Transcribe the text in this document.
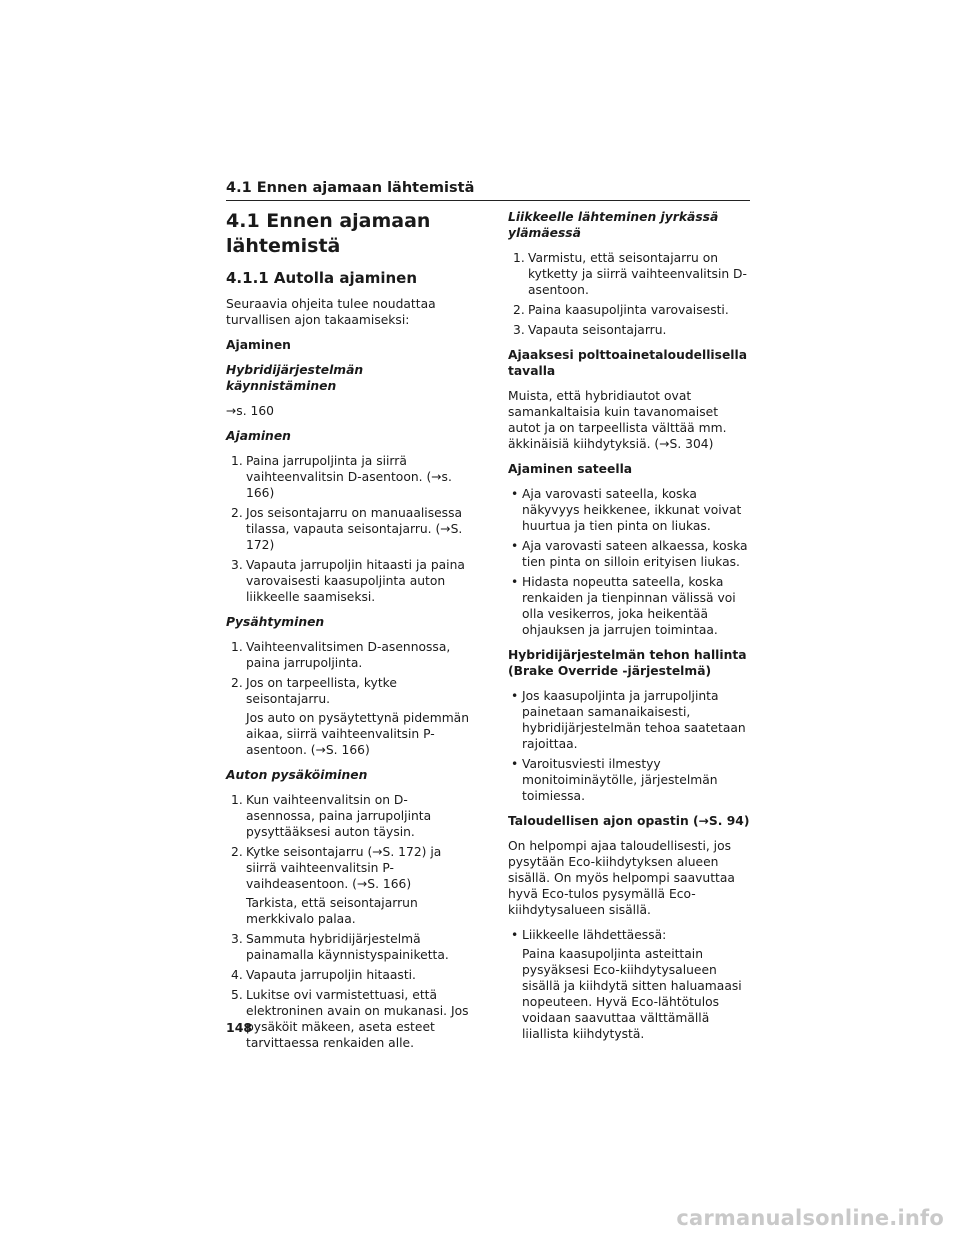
4.1 Ennen ajamaan lähtemistä
4.1 Ennen ajamaan
lähtemistä
4.1.1 Autolla ajaminen

Seuraavia ohjeita tulee noudattaa turvallisen ajon takaamiseksi:

Ajaminen

Hybridijärjestelmän käynnistäminen

→s. 160

Ajaminen

1. Paina jarrupoljinta ja siirrä vaihteenvalitsin D-asentoon. (→s. 166)
2. Jos seisontajarru on manuaalisessa tilassa, vapauta seisontajarru. (→S. 172)
3. Vapauta jarrupoljin hitaasti ja paina varovaisesti kaasupoljinta auton liikkeelle saamiseksi.

Pysähtyminen

1. Vaihteenvalitsimen D-asennossa, paina jarrupoljinta.
2. Jos on tarpeellista, kytke seisontajarru.
Jos auto on pysäytettynä pidemmän aikaa, siirrä vaihteenvalitsin P-asentoon. (→S. 166)

Auton pysäköiminen

1. Kun vaihteenvalitsin on D-asennossa, paina jarrupoljinta pysyttääksesi auton täysin.
2. Kytke seisontajarru (→S. 172) ja siirrä vaihteenvalitsin P-vaihdeasentoon. (→S. 166)
Tarkista, että seisontajarrun merkkivalo palaa.
3. Sammuta hybridijärjestelmä painamalla käynnistyspainiketta.
4. Vapauta jarrupoljin hitaasti.
5. Lukitse ovi varmistettuasi, että elektroninen avain on mukanasi. Jos pysäköit mäkeen, aseta esteet tarvittaessa renkaiden alle.

Liikkeelle lähteminen jyrkässä ylämäessä

1. Varmistu, että seisontajarru on kytketty ja siirrä vaihteenvalitsin D-asentoon.
2. Paina kaasupoljinta varovaisesti.
3. Vapauta seisontajarru.

Ajaaksesi polttoainetaloudellisella tavalla

Muista, että hybridiautot ovat samankaltaisia kuin tavanomaiset autot ja on tarpeellista välttää mm. äkkinäisiä kiihdytyksiä. (→S. 304)

Ajaminen sateella

• Aja varovasti sateella, koska näkyvyys heikkenee, ikkunat voivat huurtua ja tien pinta on liukas.
• Aja varovasti sateen alkaessa, koska tien pinta on silloin erityisen liukas.
• Hidasta nopeutta sateella, koska renkaiden ja tienpinnan välissä voi olla vesikerros, joka heikentää ohjauksen ja jarrujen toimintaa.

Hybridijärjestelmän tehon hallinta (Brake Override -järjestelmä)

• Jos kaasupoljinta ja jarrupoljinta painetaan samanaikaisesti, hybridijärjestelmän tehoa saatetaan rajoittaa.
• Varoitusviesti ilmestyy monitoiminäytölle, järjestelmän toimiessa.

Taloudellisen ajon opastin (→S. 94)

On helpompi ajaa taloudellisesti, jos pysytään Eco-kiihdytyksen alueen sisällä. On myös helpompi saavuttaa hyvä Eco-tulos pysymällä Eco-kiihdytysalueen sisällä.

• Liikkeelle lähdettäessä:
Paina kaasupoljinta asteittain pysyäksesi Eco-kiihdytysalueen sisällä ja kiihdytä sitten haluamaasi nopeuteen. Hyvä Eco-lähtötulos voidaan saavuttaa välttämällä liiallista kiihdytystä.
148
carmanualsonline.info
